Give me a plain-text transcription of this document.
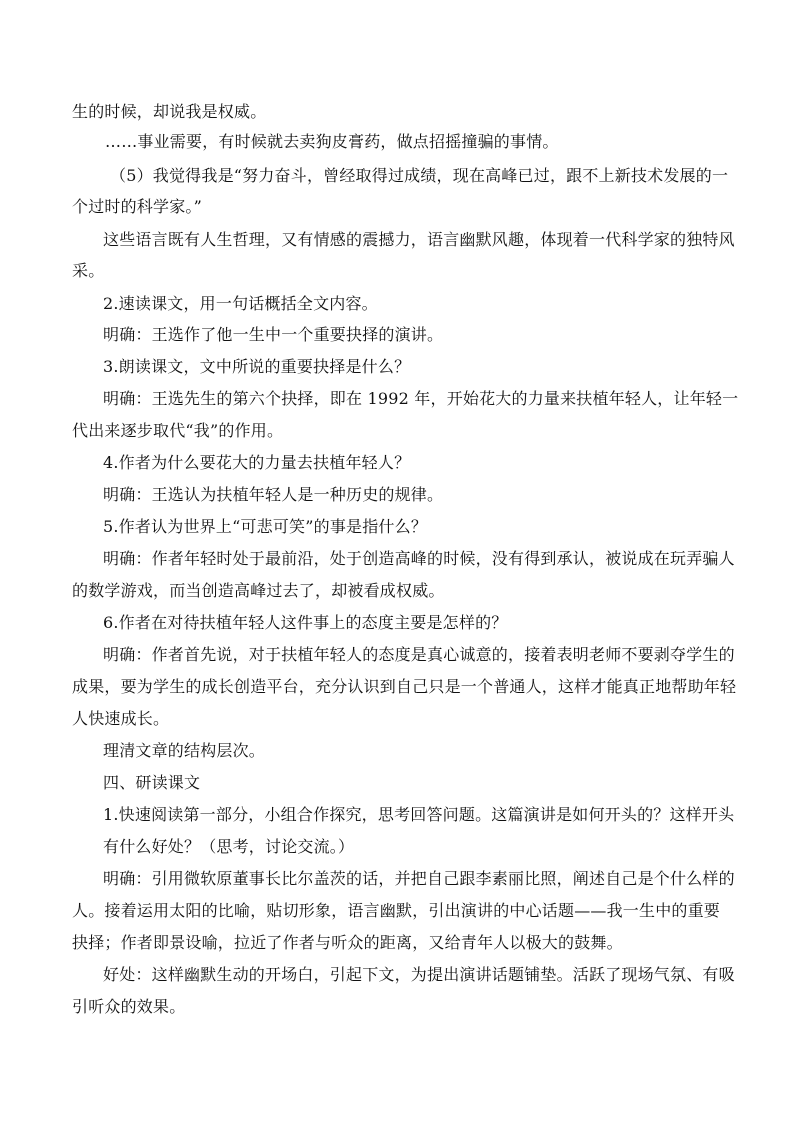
生的时候，却说我是权威。
……事业需要，有时候就去卖狗皮膏药，做点招摇撞骗的事情。
（5）我觉得我是“努力奋斗，曾经取得过成绩，现在高峰已过，跟不上新技术发展的一
个过时的科学家。”
这些语言既有人生哲理，又有情感的震撼力，语言幽默风趣，体现着一代科学家的独特风
采。
2.速读课文，用一句话概括全文内容。
明确：王选作了他一生中一个重要抉择的演讲。
3.朗读课文，文中所说的重要抉择是什么？
明确：王选先生的第六个抉择，即在 1992 年，开始花大的力量来扶植年轻人，让年轻一
代出来逐步取代“我”的作用。
4.作者为什么要花大的力量去扶植年轻人？
明确：王选认为扶植年轻人是一种历史的规律。
5.作者认为世界上“可悲可笑”的事是指什么？
明确：作者年轻时处于最前沿，处于创造高峰的时候，没有得到承认，被说成在玩弄骗人
的数学游戏，而当创造高峰过去了，却被看成权威。
6.作者在对待扶植年轻人这件事上的态度主要是怎样的？
明确：作者首先说，对于扶植年轻人的态度是真心诚意的，接着表明老师不要剥夺学生的
成果，要为学生的成长创造平台，充分认识到自己只是一个普通人，这样才能真正地帮助年轻
人快速成长。
理清文章的结构层次。
四、研读课文
1.快速阅读第一部分，小组合作探究，思考回答问题。这篇演讲是如何开头的？这样开头
有什么好处？（思考，讨论交流。）
明确：引用微软原董事长比尔盖茨的话，并把自己跟李素丽比照，阐述自己是个什么样的
人。接着运用太阳的比喻，贴切形象，语言幽默，引出演讲的中心话题——我一生中的重要
抉择；作者即景设喻，拉近了作者与听众的距离，又给青年人以极大的鼓舞。
好处：这样幽默生动的开场白，引起下文，为提出演讲话题铺垫。活跃了现场气氛、有吸
引听众的效果。
